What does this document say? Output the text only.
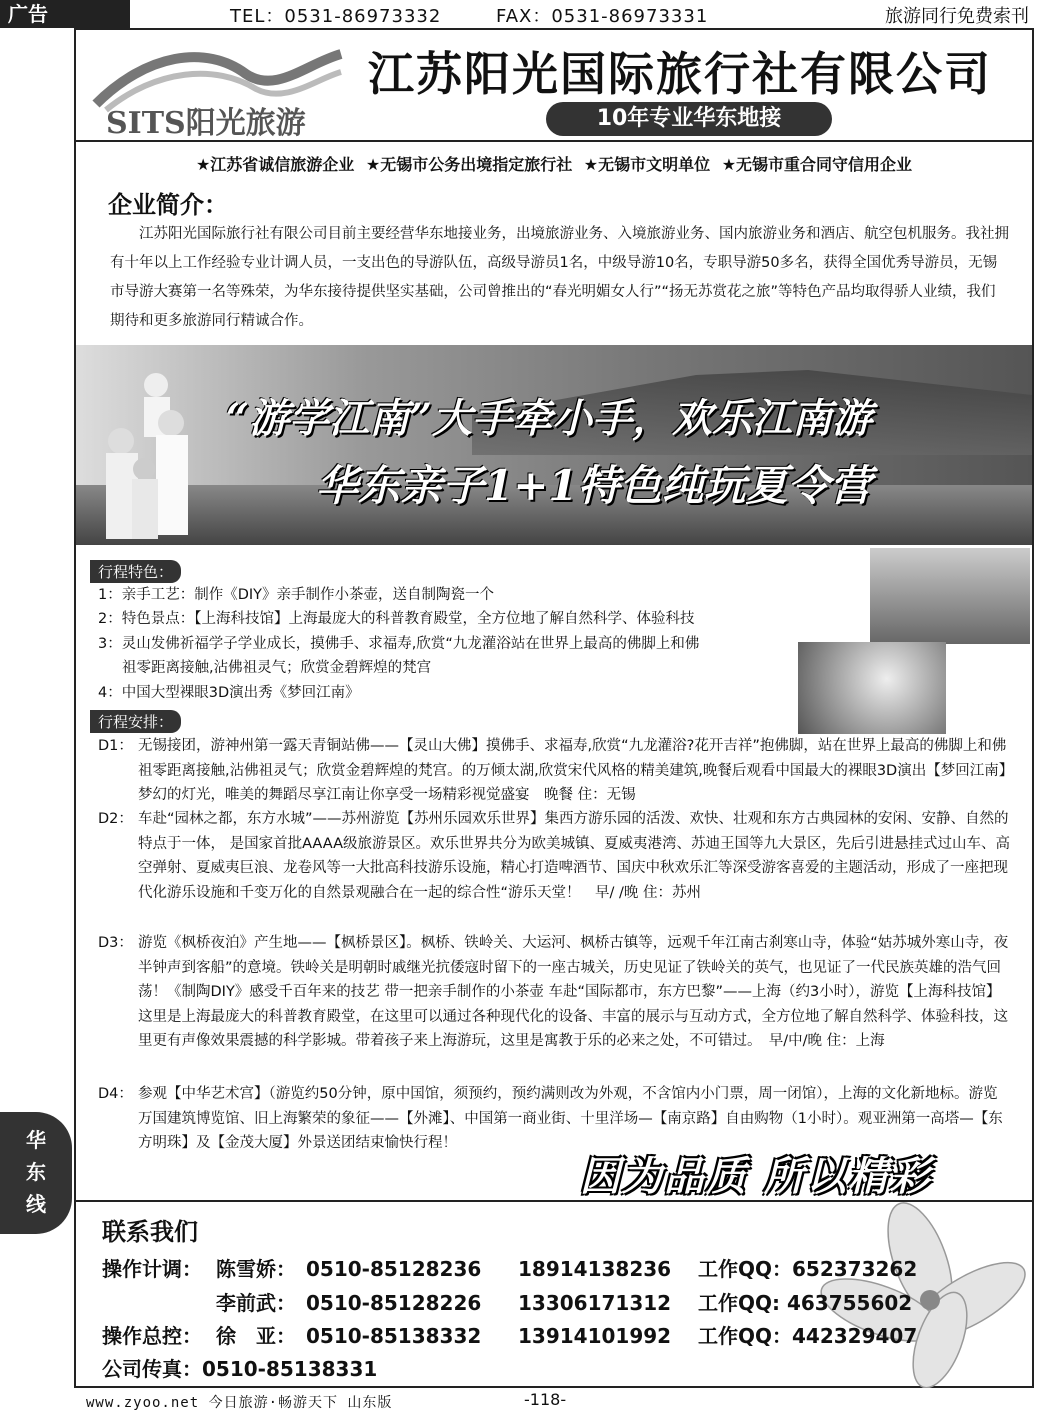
广告	TEL：0531-86973332	FAX：0531-86973331	旅游同行免费索刊
SITS阳光旅游
江苏阳光国际旅行社有限公司
10年专业华东地接
★江苏省诚信旅游企业 ★无锡市公务出境指定旅行社 ★无锡市文明单位 ★无锡市重合同守信用企业
企业简介：
江苏阳光国际旅行社有限公司目前主要经营华东地接业务，出境旅游业务、入境旅游业务、国内旅游业务和酒店、航空包机服务。我社拥有十年以上工作经验专业计调人员，一支出色的导游队伍，高级导游员1名，中级导游10名，专职导游50多名，获得全国优秀导游员，无锡市导游大赛第一名等殊荣，为华东接待提供坚实基础，公司曾推出的“春光明媚女人行”“扬无苏赏花之旅”等特色产品均取得骄人业绩，我们期待和更多旅游同行精诚合作。
“游学江南”大手牵小手，欢乐江南游
华东亲子1+1特色纯玩夏令营
行程特色：
1：亲手工艺：制作《DIY》亲手制作小茶壶，送自制陶瓷一个
2：特色景点：【上海科技馆】上海最庞大的科普教育殿堂，全方位地了解自然科学、体验科技
3：灵山发佛祈福学子学业成长，摸佛手、求福寿,欣赏“九龙灌浴站在世界上最高的佛脚上和佛
祖零距离接触,沾佛祖灵气；欣赏金碧辉煌的梵宫
4：中国大型裸眼3D演出秀《梦回江南》
行程安排：
D1： 无锡接团，游神州第一露天青铜站佛——【灵山大佛】摸佛手、求福寿,欣赏“九龙灌浴?花开吉祥”抱佛脚，站在世界上最高的佛脚上和佛祖零距离接触,沾佛祖灵气；欣赏金碧辉煌的梵宫。的万倾太湖,欣赏宋代风格的精美建筑,晚餐后观看中国最大的裸眼3D演出【梦回江南】梦幻的灯光，唯美的舞蹈尽享江南让你享受一场精彩视觉盛宴　 晚餐 住：无锡
D2： 车赴“园林之都，东方水城”——苏州游览【苏州乐园欢乐世界】集西方游乐园的活泼、欢快、壮观和东方古典园林的安闲、安静、自然的特点于一体， 是国家首批AAAA级旅游景区。欢乐世界共分为欧美城镇、夏威夷港湾、苏迪王国等九大景区，先后引进悬挂式过山车、高空弹射、夏威夷巨浪、龙卷风等一大批高科技游乐设施，精心打造啤酒节、国庆中秋欢乐汇等深受游客喜爱的主题活动，形成了一座把现代化游乐设施和千变万化的自然景观融合在一起的综合性“游乐天堂！　 早/ /晚 住：苏州
D3： 游览《枫桥夜泊》产生地——【枫桥景区】。枫桥、铁岭关、大运河、枫桥古镇等，远观千年江南古刹寒山寺，体验“姑苏城外寒山寺，夜半钟声到客船”的意境。铁岭关是明朝时戚继光抗倭寇时留下的一座古城关，历史见证了铁岭关的英气，也见证了一代民族英雄的浩气回荡！《制陶DIY》感受千百年来的技艺 带一把亲手制作的小茶壶 车赴“国际都市，东方巴黎”——上海（约3小时），游览【上海科技馆】这里是上海最庞大的科普教育殿堂，在这里可以通过各种现代化的设备、丰富的展示与互动方式，全方位地了解自然科学、体验科技，这里更有声像效果震撼的科学影城。带着孩子来上海游玩，这里是寓教于乐的必来之处，不可错过。　 早/中/晚 住：上海
D4： 参观【中华艺术宫】（游览约50分钟，原中国馆，须预约，预约满则改为外观，不含馆内小门票，周一闭馆），上海的文化新地标。游览万国建筑博览馆、旧上海繁荣的象征——【外滩】、中国第一商业街、十里洋场—【南京路】自由购物（1小时）。观亚洲第一高塔—【东方明珠】及【金茂大厦】外景送团结束愉快行程！
因为品质 所以精彩
华
东
线
联系我们
操作计调： 陈雪娇： 0510-85128236 18914138236 工作QQ：652373262
李前武： 0510-85128226 13306171312 工作QQ: 463755602
操作总控： 徐　亚： 0510-85138332 13914101992 工作QQ：442329407
公司传真：0510-85138331
www.zyoo.net 今日旅游·畅游天下 山东版	-118-
